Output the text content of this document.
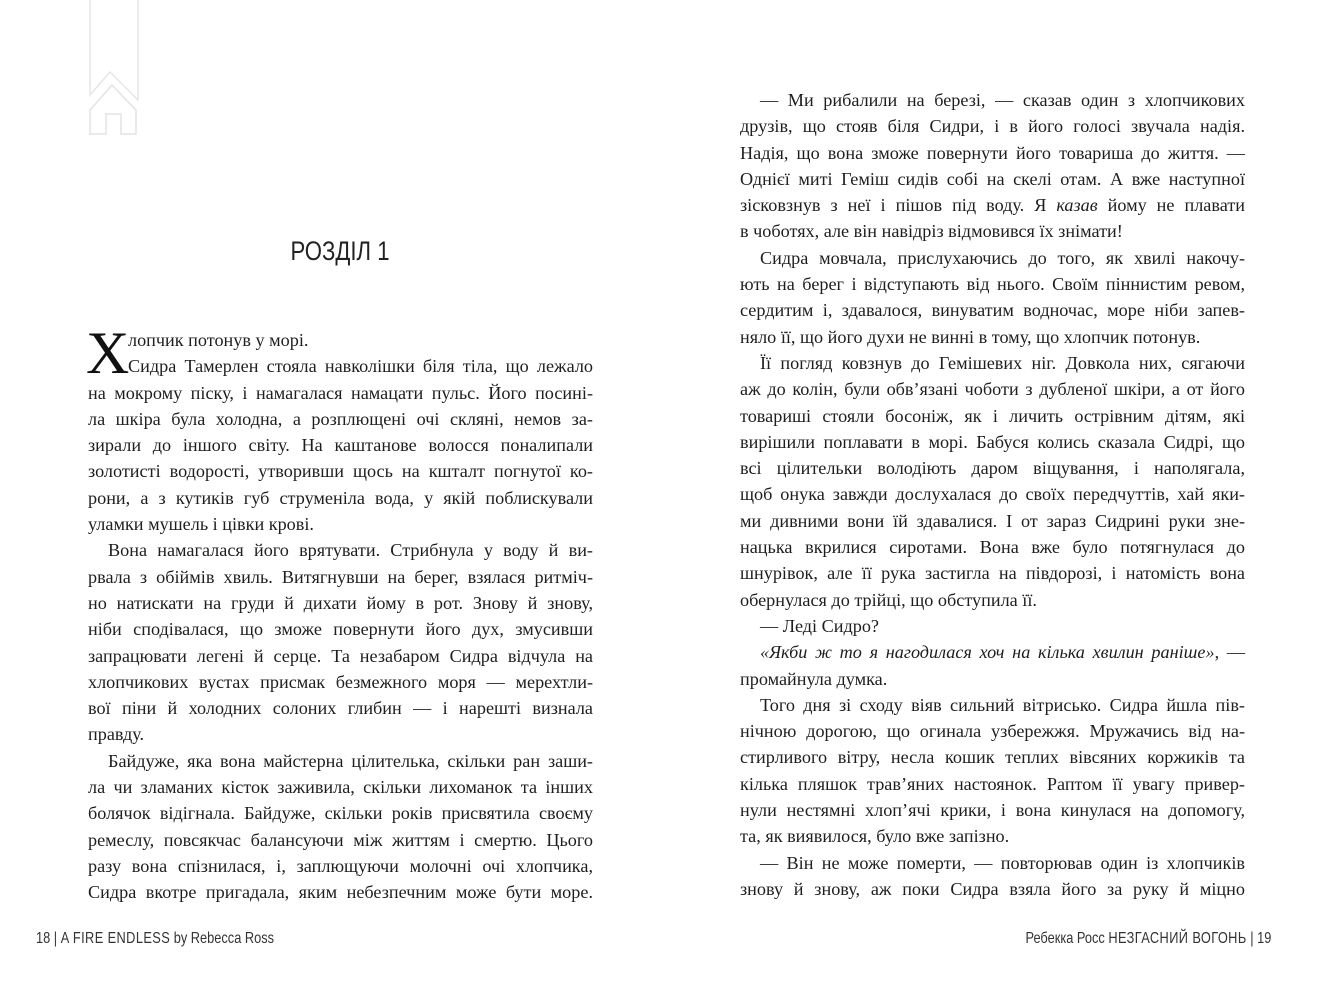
РОЗДІЛ 1
Х
лопчик потонув у морі.
Сидра Тамерлен стояла навколішки біля тіла, що лежало
на мокрому піску, і намагалася намацати пульс. Його посині-
ла шкіра була холодна, а розплющені очі скляні, немов за-
зирали до іншого світу. На каштанове волосся поналипали
золотисті водорості, утворивши щось на кшталт погнутої ко-
рони, а з кутиків губ струменіла вода, у якій поблискували
уламки мушель і цівки крові.
Вона намагалася його врятувати. Стрибнула у воду й ви-
рвала з обіймів хвиль. Витягнувши на берег, взялася ритміч-
но натискати на груди й дихати йому в рот. Знову й знову,
ніби сподівалася, що зможе повернути його дух, змусивши
запрацювати легені й серце. Та незабаром Сидра відчула на
хлопчикових вустах присмак безмежного моря — мерехтли-
вої піни й холодних солоних глибин — і нарешті визнала
правду.
Байдуже, яка вона майстерна цілителька, скільки ран заши-
ла чи зламаних кісток заживила, скільки лихоманок та інших
болячок відігнала. Байдуже, скільки років присвятила своєму
ремеслу, повсякчас балансуючи між життям і смертю. Цього
разу вона спізнилася, і, заплющуючи молочні очі хлопчика,
Сидра вкотре пригадала, яким небезпечним може бути море.
18 | A FIRE ENDLESS by Rebecca Ross
— Ми рибалили на березі, — сказав один з хлопчикових
друзів, що стояв біля Сидри, і в його голосі звучала надія.
Надія, що вона зможе повернути його товариша до життя. —
Однієї миті Геміш сидів собі на скелі отам. А вже наступної
зісковзнув з неї і пішов під воду. Я казав йому не плавати
в чоботях, але він навідріз відмовився їх знімати!
Сидра мовчала, прислухаючись до того, як хвилі накочу-
ють на берег і відступають від нього. Своїм піннистим ревом,
сердитим і, здавалося, винуватим водночас, море ніби запев-
няло її, що його духи не винні в тому, що хлопчик потонув.
Її погляд ковзнув до Гемішевих ніг. Довкола них, сягаючи
аж до колін, були обв’язані чоботи з дубленої шкіри, а от його
товариші стояли босоніж, як і личить острівним дітям, які
вирішили поплавати в морі. Бабуся колись сказала Сидрі, що
всі цілительки володіють даром віщування, і наполягала,
щоб онука завжди дослухалася до своїх передчуттів, хай яки-
ми дивними вони їй здавалися. І от зараз Сидрині руки зне-
нацька вкрилися сиротами. Вона вже було потягнулася до
шнурівок, але її рука застигла на півдорозі, і натомість вона
обернулася до трійці, що обступила її.
— Леді Сидро?
«Якби ж то я нагодилася хоч на кілька хвилин раніше», —
промайнула думка.
Того дня зі сходу віяв сильний вітрисько. Сидра йшла пів-
нічною дорогою, що огинала узбережжя. Мружачись від на-
стирливого вітру, несла кошик теплих вівсяних коржиків та
кілька пляшок трав’яних настоянок. Раптом її увагу привер-
нули нестямні хлоп’ячі крики, і вона кинулася на допомогу,
та, як виявилося, було вже запізно.
— Він не може померти, — повторював один із хлопчиків
знову й знову, аж поки Сидра взяла його за руку й міцно
Ребекка Росс НЕЗГАСНИЙ ВОГОНЬ | 19
